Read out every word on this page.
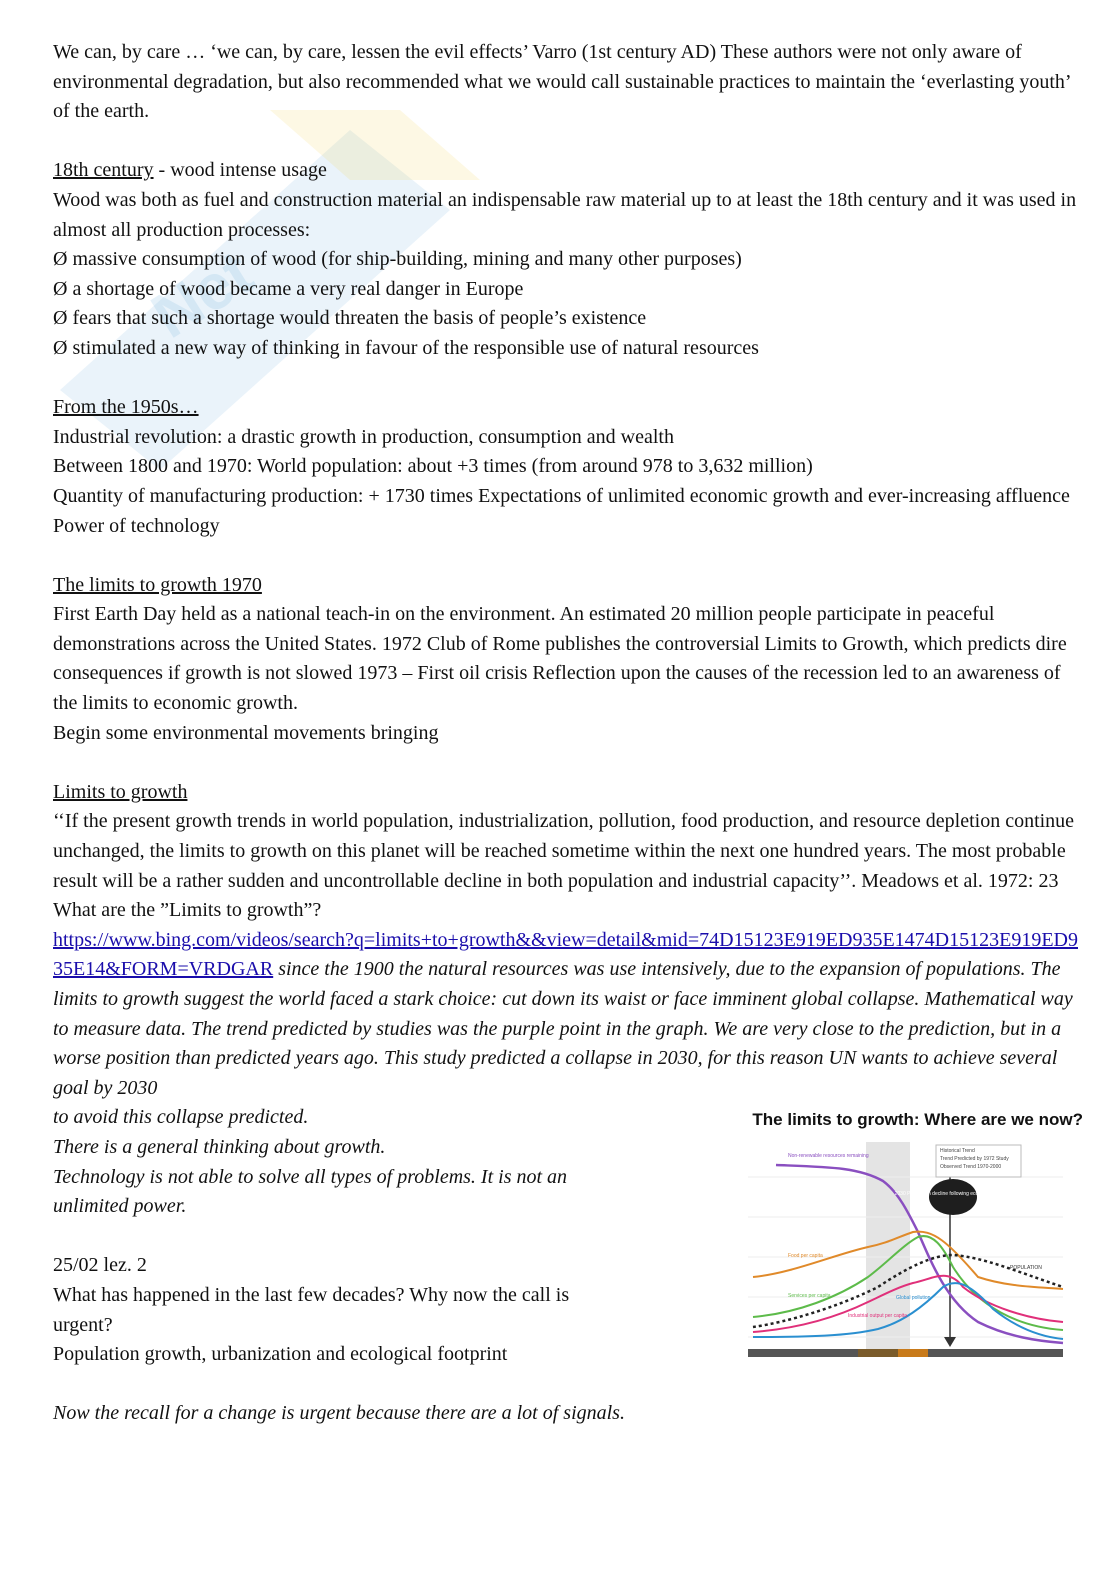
Net

We can, by care … ‘we can, by care, lessen the evil effects’ Varro (1st century AD) These authors were not only aware of environmental degradation, but also recommended what we would call sustainable practices to maintain the ‘everlasting youth’ of the earth.

18th century - wood intense usage

Wood was both as fuel and construction material an indispensable raw material up to at least the 18th century and it was used in almost all production processes:

Ø massive consumption of wood (for ship-building, mining and many other purposes)

Ø a shortage of wood became a very real danger in Europe

Ø fears that such a shortage would threaten the basis of people’s existence

Ø stimulated a new way of thinking in favour of the responsible use of natural resources

From the 1950s…

Industrial revolution: a drastic growth in production, consumption and wealth

Between 1800 and 1970: World population: about +3 times (from around 978 to 3,632 million)

Quantity of manufacturing production: + 1730 times Expectations of unlimited economic growth and ever-increasing affluence Power of technology

The limits to growth 1970

First Earth Day held as a national teach-in on the environment. An estimated 20 million people participate in peaceful demonstrations across the United States. 1972 Club of Rome publishes the controversial Limits to Growth, which predicts dire consequences if growth is not slowed 1973 – First oil crisis Reflection upon the causes of the recession led to an awareness of the limits to economic growth.

Begin some environmental movements bringing

Limits to growth

‘‘If the present growth trends in world population, industrialization, pollution, food production, and resource depletion continue unchanged, the limits to growth on this planet will be reached sometime within the next one hundred years. The most probable result will be a rather sudden and uncontrollable decline in both population and industrial capacity’’. Meadows et al. 1972: 23

What are the ”Limits to growth”?

https://www.bing.com/videos/search?q=limits+to+growth&&view=detail&mid=74D15123E919ED935E1474D15123E919ED935E14&FORM=VRDGAR since the 1900 the natural resources was use intensively, due to the expansion of populations. The limits to growth suggest the world faced a stark choice: cut down its waist or face imminent global collapse. Mathematical way to measure data. The trend predicted by studies was the purple point in the graph. We are very close to the prediction, but in a worse position than predicted years ago. This study predicted a collapse in 2030, for this reason UN wants to achieve several goal by 2030

The limits to growth: Where are we now?
Historical Trend
Trend Predicted by 1972 Study
Observed Trend 1970-2000
2030 Population decline following economic collapse
Non-renewable resources remaining
Food per capita
Services per capita
Industrial output per capita
Global pollution
POPULATION

to avoid this collapse predicted.

There is a general thinking about growth.

Technology is not able to solve all types of problems. It is not an unlimited power.

25/02 lez. 2

What has happened in the last few decades? Why now the call is urgent?

Population growth, urbanization and ecological footprint

Now the recall for a change is urgent because there are a lot of signals.
